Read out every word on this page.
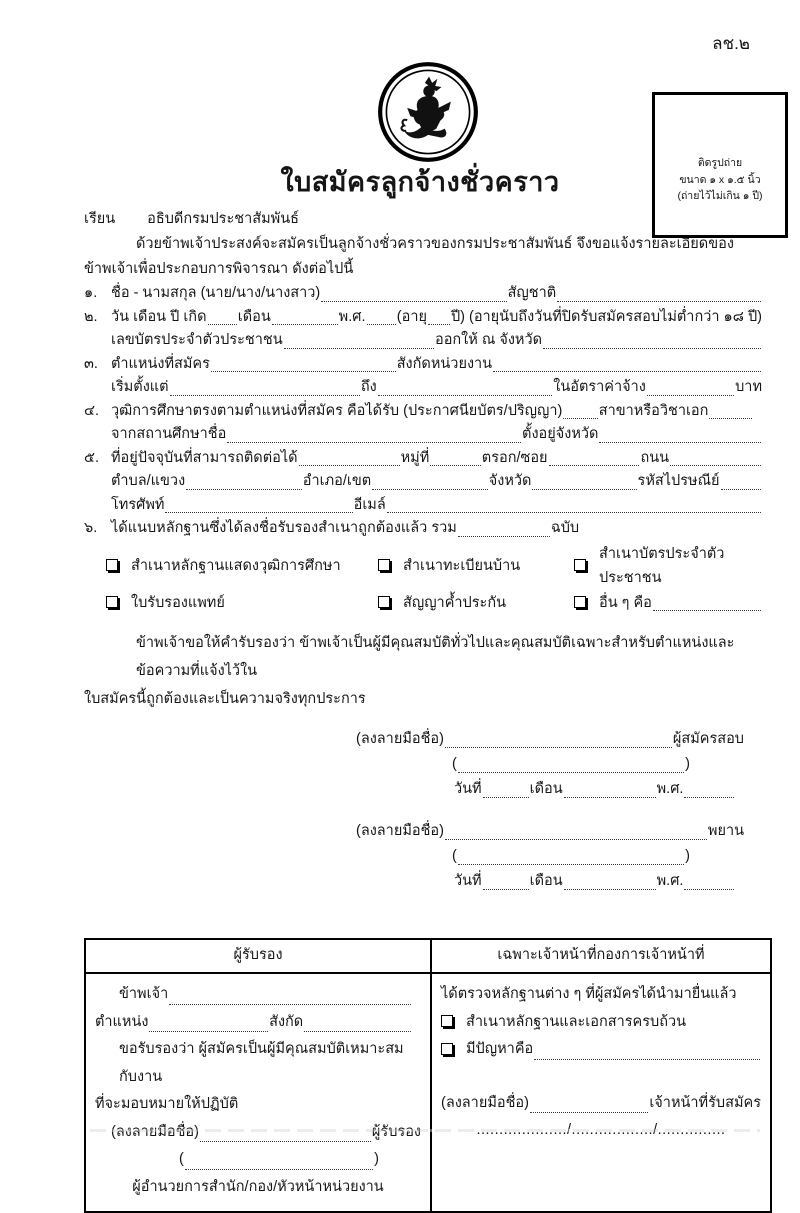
ลช.๒
ติดรูปถ่าย
ขนาด ๑ x ๑.๕ นิ้ว
(ถ่ายไว้ไม่เกิน ๑ ปี)
ใบสมัครลูกจ้างชั่วคราว
เรียน อธิบดีกรมประชาสัมพันธ์
ด้วยข้าพเจ้าประสงค์จะสมัครเป็นลูกจ้างชั่วคราวของกรมประชาสัมพันธ์ จึงขอแจ้งรายละเอียดของ
ข้าพเจ้าเพื่อประกอบการพิจารณา ดังต่อไปนี้
๑. ชื่อ - นามสกุล (นาย/นาง/นางสาว)	สัญชาติ
๒. วัน เดือน ปี เกิด เดือน	พ.ศ. (อายุ ปี) (อายุนับถึงวันที่ปิดรับสมัครสอบไม่ต่ำกว่า ๑๘ ปี)
เลขบัตรประจำตัวประชาชน	ออกให้ ณ จังหวัด
๓. ตำแหน่งที่สมัคร	สังกัดหน่วยงาน
เริ่มตั้งแต่	ถึง	ในอัตราค่าจ้าง	บาท
๔. วุฒิการศึกษาตรงตามตำแหน่งที่สมัคร คือได้รับ (ประกาศนียบัตร/ปริญญา)	สาขาหรือวิชาเอก
จากสถานศึกษาชื่อ	ตั้งอยู่จังหวัด
๕. ที่อยู่ปัจจุบันที่สามารถติดต่อได้	หมู่ที่	ตรอก/ซอย	ถนน
ตำบล/แขวง	อำเภอ/เขต	จังหวัด	รหัสไปรษณีย์
โทรศัพท์	อีเมล์
๖. ได้แนบหลักฐานซึ่งได้ลงชื่อรับรองสำเนาถูกต้องแล้ว รวม	ฉบับ
สำเนาหลักฐานแสดงวุฒิการศึกษา	สำเนาทะเบียนบ้าน
สำเนาบัตรประจำตัวประชาชน
ใบรับรองแพทย์	สัญญาค้ำประกัน	อื่น ๆ คือ
ข้าพเจ้าขอให้คำรับรองว่า ข้าพเจ้าเป็นผู้มีคุณสมบัติทั่วไปและคุณสมบัติเฉพาะสำหรับตำแหน่งและข้อความที่แจ้งไว้ใน
ใบสมัครนี้ถูกต้องและเป็นความจริงทุกประการ
(ลงลายมือชื่อ)	ผู้สมัครสอบ
(	)
วันที่	เดือน	พ.ศ.
(ลงลายมือชื่อ)	พยาน
(	)
วันที่	เดือน	พ.ศ.
ผู้รับรอง	เฉพาะเจ้าหน้าที่กองการเจ้าหน้าที่
ข้าพเจ้า
ตำแหน่ง	สังกัด
ขอรับรองว่า ผู้สมัครเป็นผู้มีคุณสมบัติเหมาะสมกับงาน
ที่จะมอบหมายให้ปฏิบัติ
(ลงลายมือชื่อ)	ผู้รับรอง
(	)
ผู้อำนวยการสำนัก/กอง/หัวหน้าหน่วยงาน
ได้ตรวจหลักฐานต่าง ๆ ที่ผู้สมัครได้นำมายื่นแล้ว
สำเนาหลักฐานและเอกสารครบถ้วน
มีปัญหาคือ
(ลงลายมือชื่อ)	เจ้าหน้าที่รับสมัคร
..................../................../...............
